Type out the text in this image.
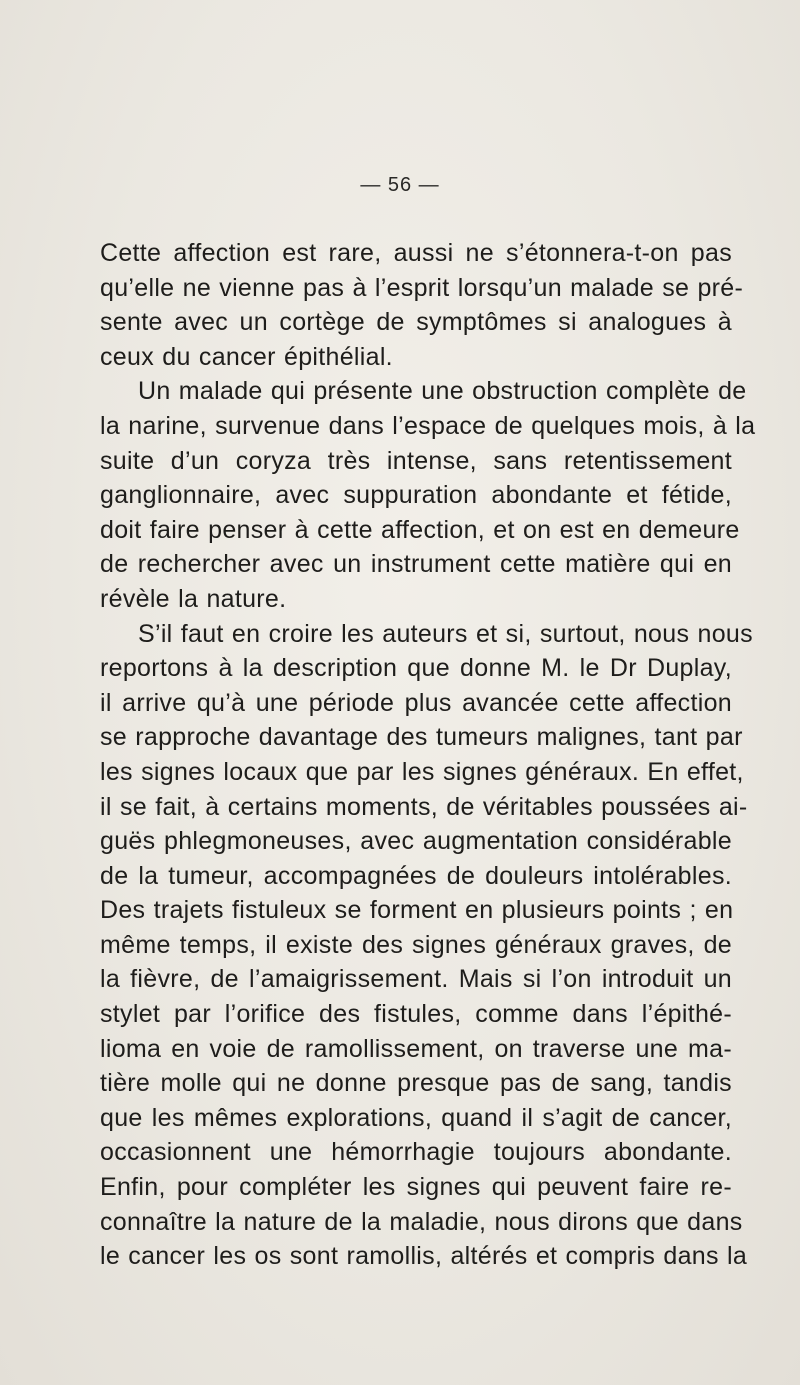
— 56 —
Cette affection est rare, aussi ne s’étonnera-t-on pas
qu’elle ne vienne pas à l’esprit lorsqu’un malade se pré-
sente avec un cortège de symptômes si analogues à
ceux du cancer épithélial.
Un malade qui présente une obstruction complète de
la narine, survenue dans l’espace de quelques mois, à la
suite d’un coryza très intense, sans retentissement
ganglionnaire, avec suppuration abondante et fétide,
doit faire penser à cette affection, et on est en demeure
de rechercher avec un instrument cette matière qui en
révèle la nature.
S’il faut en croire les auteurs et si, surtout, nous nous
reportons à la description que donne M. le Dr Duplay,
il arrive qu’à une période plus avancée cette affection
se rapproche davantage des tumeurs malignes, tant par
les signes locaux que par les signes généraux. En effet,
il se fait, à certains moments, de véritables poussées ai-
guës phlegmoneuses, avec augmentation considérable
de la tumeur, accompagnées de douleurs intolérables.
Des trajets fistuleux se forment en plusieurs points ; en
même temps, il existe des signes généraux graves, de
la fièvre, de l’amaigrissement. Mais si l’on introduit un
stylet par l’orifice des fistules, comme dans l’épithé-
lioma en voie de ramollissement, on traverse une ma-
tière molle qui ne donne presque pas de sang, tandis
que les mêmes explorations, quand il s’agit de cancer,
occasionnent une hémorrhagie toujours abondante.
Enfin, pour compléter les signes qui peuvent faire re-
connaître la nature de la maladie, nous dirons que dans
le cancer les os sont ramollis, altérés et compris dans la
